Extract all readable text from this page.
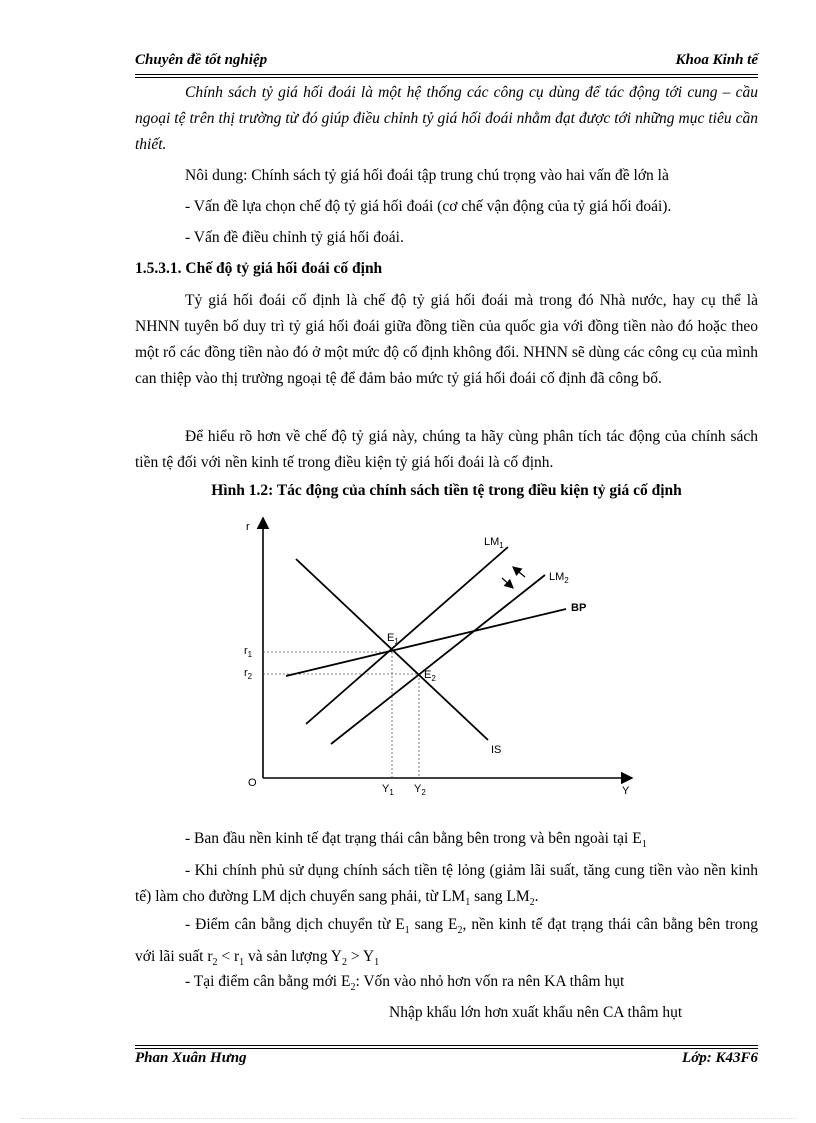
Chuyên đề tốt nghiệp	Khoa Kinh tế
Chính sách tỷ giá hối đoái là một hệ thống các công cụ dùng để tác động tới cung – cầu ngoại tệ trên thị trường từ đó giúp điều chỉnh tỷ giá hối đoái nhằm đạt được tới những mục tiêu cần thiết.
Nôi dung: Chính sách tỷ giá hối đoái tập trung chú trọng vào hai vấn đề lớn là
- Vấn đề lựa chọn chế độ tỷ giá hối đoái (cơ chế vận động của tỷ giá hối đoái).
- Vấn đề điều chỉnh tỷ giá hối đoái.
1.5.3.1. Chế độ tỷ giá hối đoái cố định
Tỷ giá hối đoái cố định là chế độ tỷ giá hối đoái mà trong đó Nhà nước, hay cụ thể là NHNN tuyên bố duy trì tỷ giá hối đoái giữa đồng tiền của quốc gia với đồng tiền nào đó hoặc theo một rổ các đồng tiền nào đó ở một mức độ cố định không đổi. NHNN sẽ dùng các công cụ của mình can thiệp vào thị trường ngoại tệ để đảm bảo mức tỷ giá hối đoái cố định đã công bố.
Để hiểu rõ hơn về chế độ tỷ giá này, chúng ta hãy cùng phân tích tác động của chính sách tiền tệ đối với nền kinh tế trong điều kiện tỷ giá hối đoái là cố định.
Hình 1.2: Tác động của chính sách tiền tệ trong điều kiện tỷ giá cố định
r
Y
O
$LM_1$
$LM_2$
BP
IS
$E_1$
$E_2$
$r_1$
$r_2$
$Y_1$ $Y_2$
- Ban đầu nền kinh tế đạt trạng thái cân bằng bên trong và bên ngoài tại $E_1$
- Khi chính phủ sử dụng chính sách tiền tệ lỏng (giảm lãi suất, tăng cung tiền vào nền kinh tế) làm cho đường LM dịch chuyển sang phải, từ $LM_1$ sang $LM_2$.
- Điểm cân bằng dịch chuyển từ $E_1$ sang $E_2$, nền kinh tế đạt trạng thái cân bằng bên trong với lãi suất $r_2 < r_1$ và sản lượng $Y_2 > Y_1$
- Tại điểm cân bằng mới $E_2$: Vốn vào nhỏ hơn vốn ra nên KA thâm hụt
Nhập khẩu lớn hơn xuất khẩu nên CA thâm hụt
Phan Xuân Hưng	Lớp: K43F6
